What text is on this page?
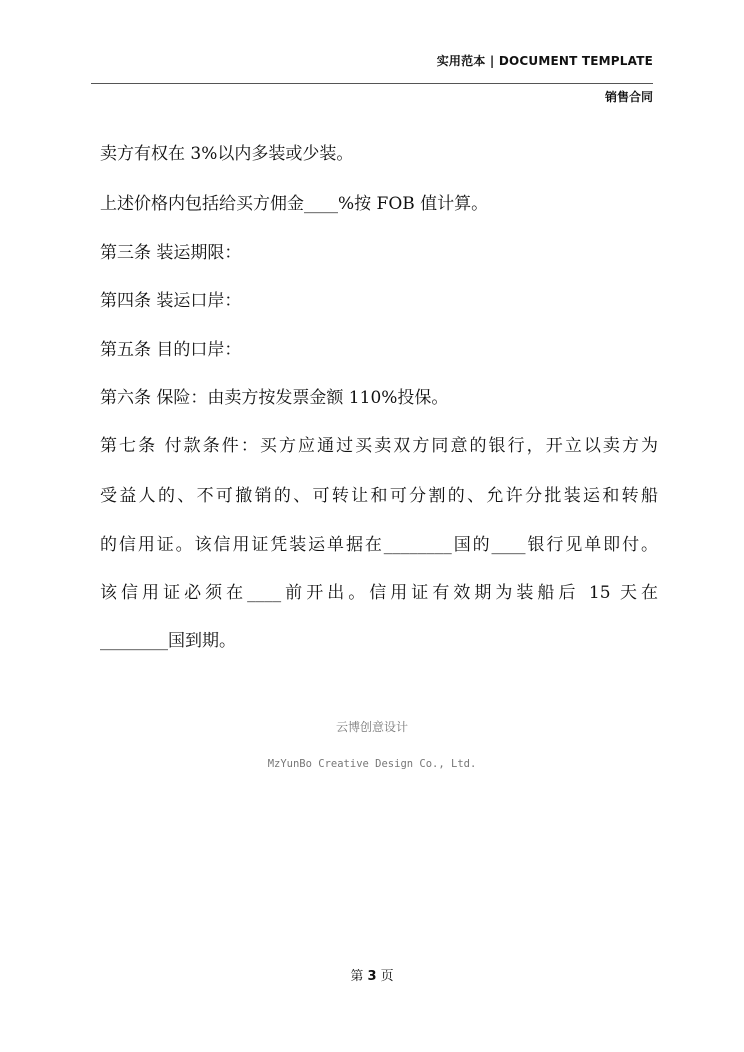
实用范本 | DOCUMENT TEMPLATE
销售合同
卖方有权在 3%以内多装或少装。
上述价格内包括给买方佣金____%按 FOB 值计算。
第三条 装运期限：
第四条 装运口岸：
第五条 目的口岸：
第六条 保险：由卖方按发票金额 110%投保。
第七条 付款条件：买方应通过买卖双方同意的银行，开立以卖方为
受益人的、不可撤销的、可转让和可分割的、允许分批装运和转船
的信用证。该信用证凭装运单据在________国的____银行见单即付。
该信用证必须在____前开出。信用证有效期为装船后 15 天在
________国到期。
云博创意设计
MzYunBo Creative Design Co., Ltd.
第 3 页
